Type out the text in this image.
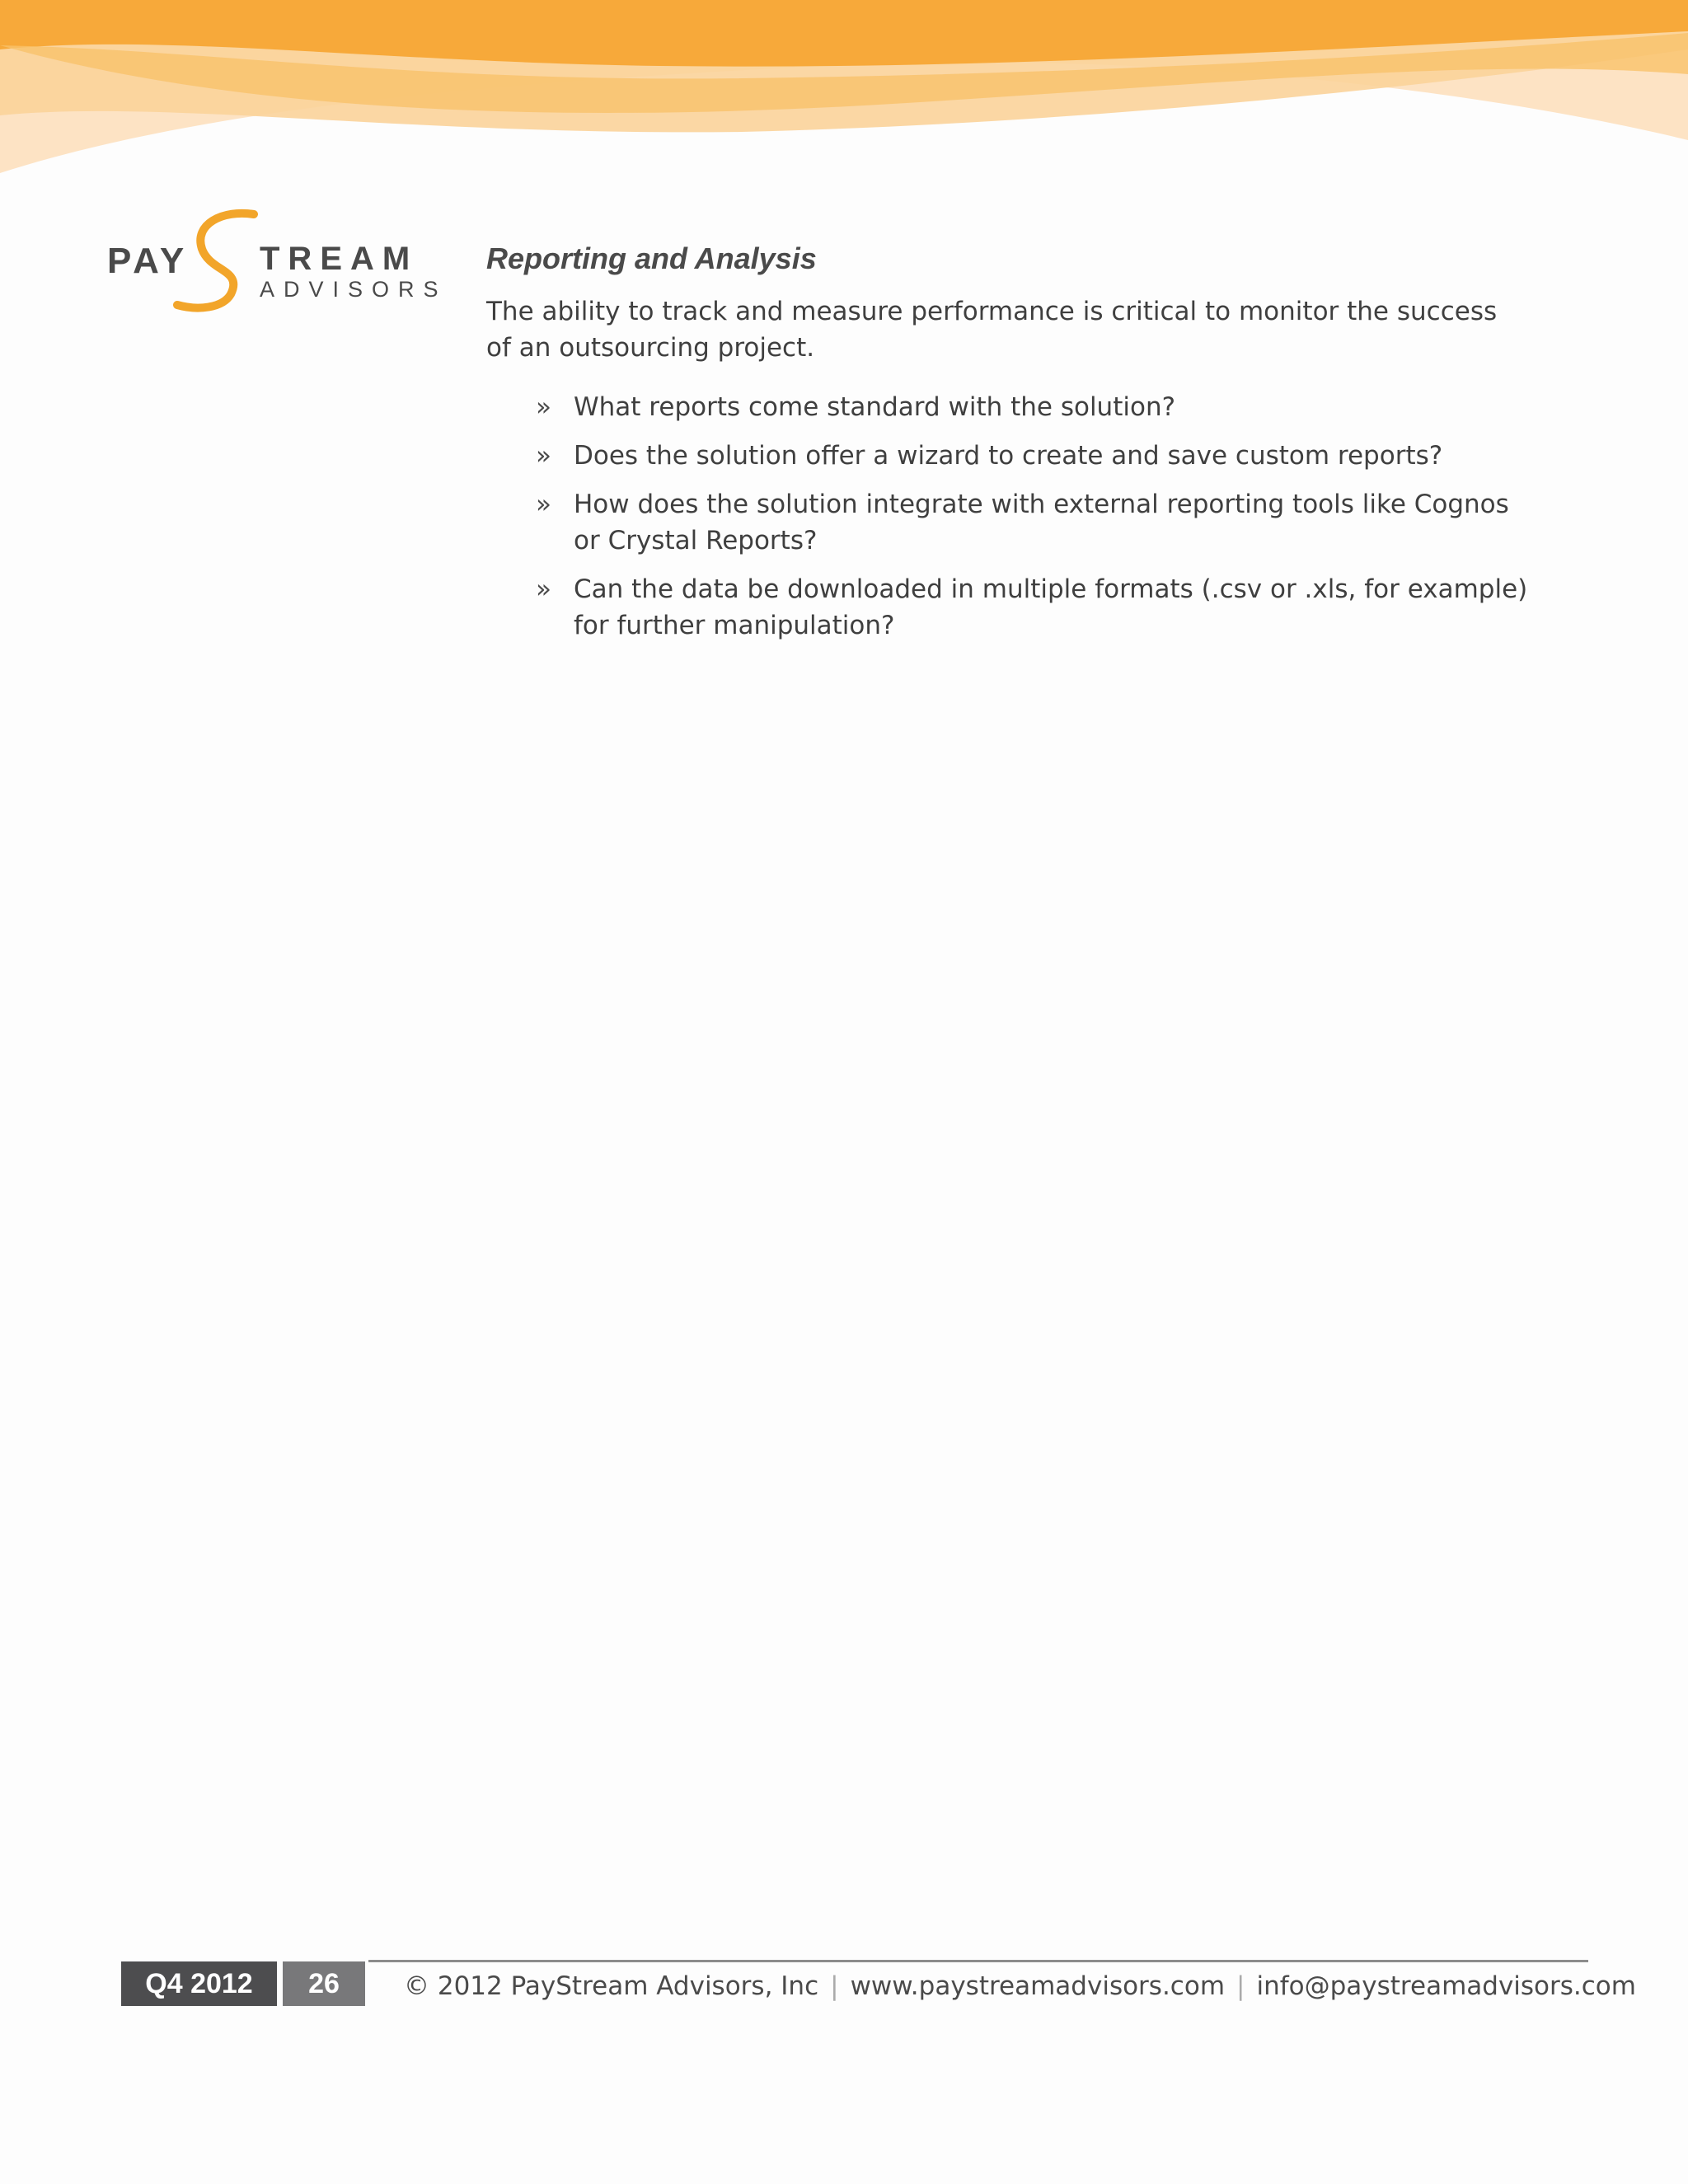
PAY TREAM
ADVISORS
Reporting and Analysis

The ability to track and measure performance is critical to monitor the success of an outsourcing project.

» What reports come standard with the solution?
» Does the solution offer a wizard to create and save custom reports?
» How does the solution integrate with external reporting tools like Cognos or Crystal Reports?
» Can the data be downloaded in multiple formats (.csv or .xls, for example) for further manipulation?
Q4 2012	26	© 2012 PayStream Advisors, Inc | www.paystreamadvisors.com | info@paystreamadvisors.com
